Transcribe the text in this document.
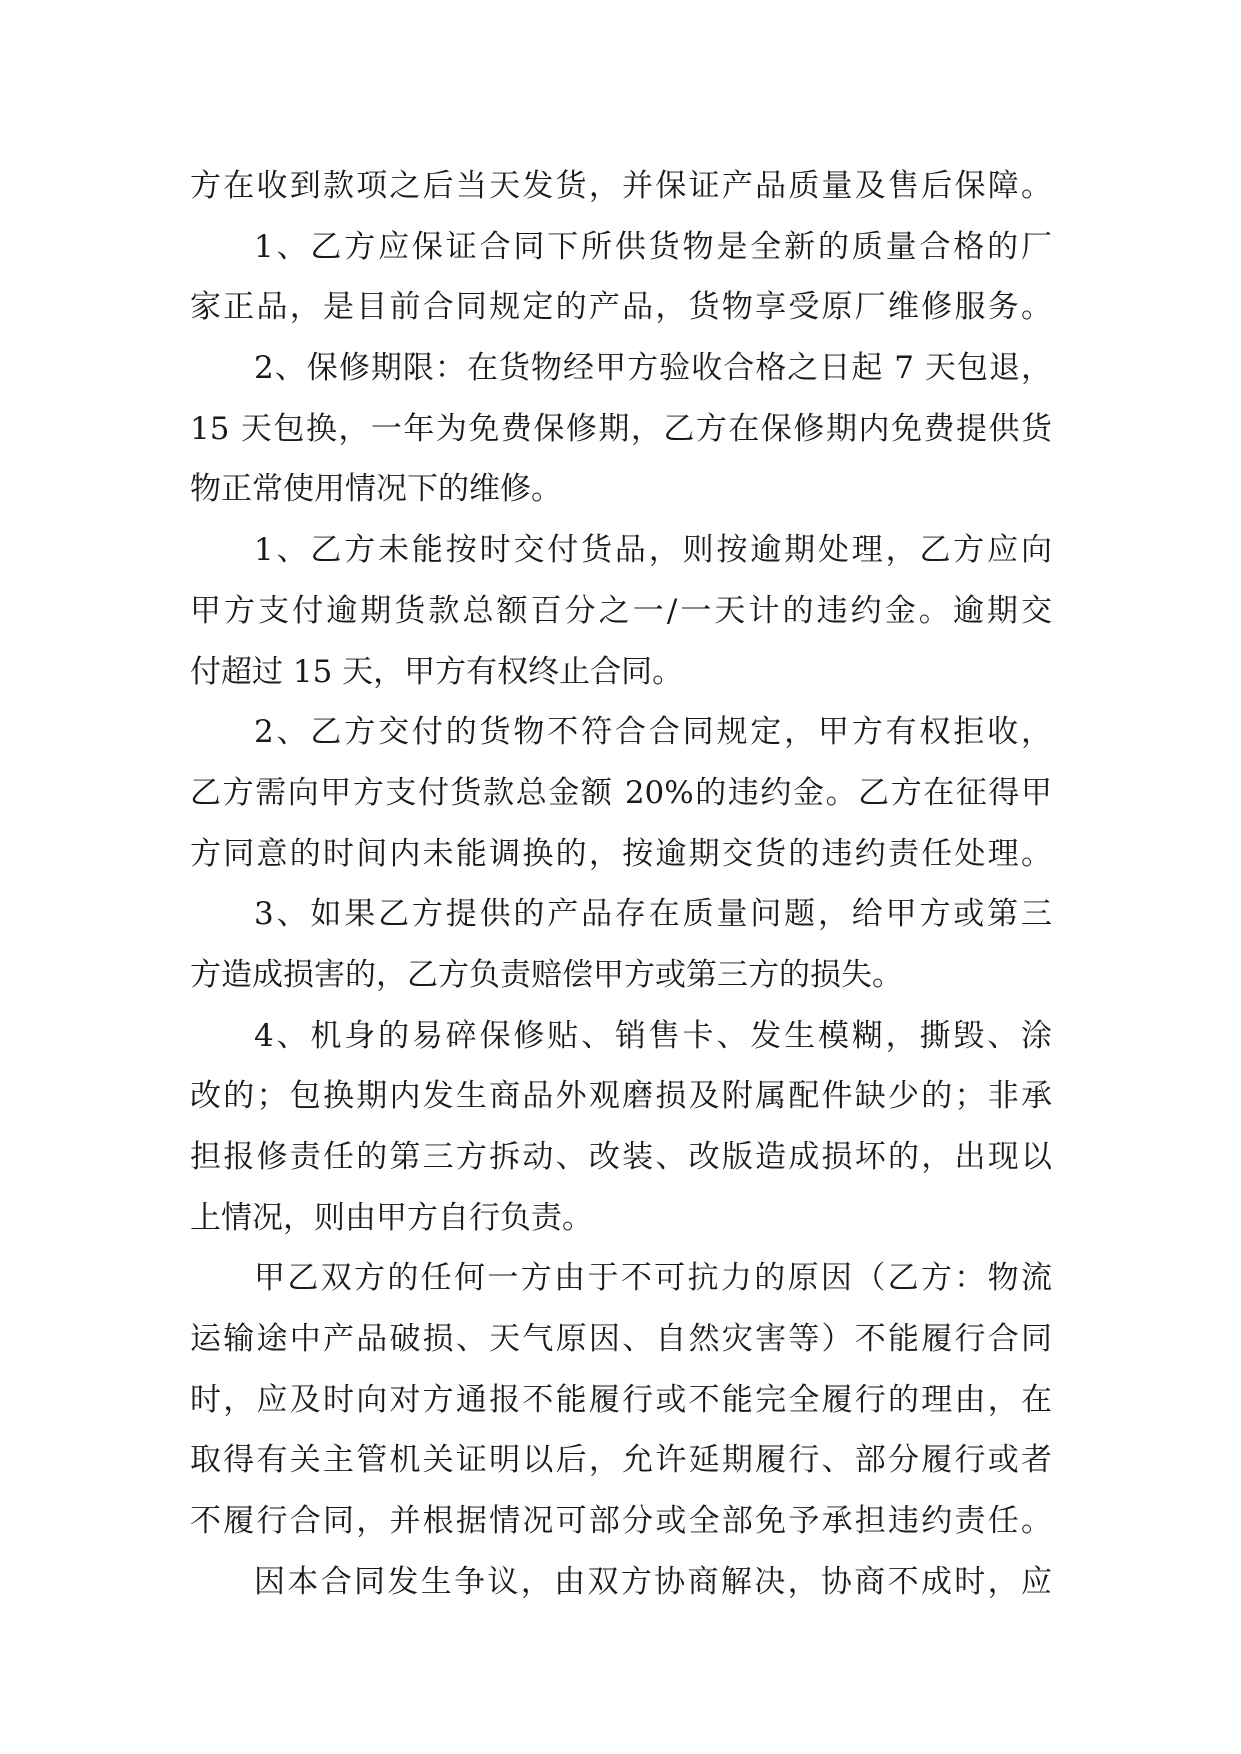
方在收到款项之后当天发货，并保证产品质量及售后保障。
1、乙方应保证合同下所供货物是全新的质量合格的厂
家正品，是目前合同规定的产品，货物享受原厂维修服务。
2、保修期限：在货物经甲方验收合格之日起 7 天包退，
15 天包换，一年为免费保修期，乙方在保修期内免费提供货
物正常使用情况下的维修。
1、乙方未能按时交付货品，则按逾期处理，乙方应向
甲方支付逾期货款总额百分之一/一天计的违约金。逾期交
付超过 15 天，甲方有权终止合同。
2、乙方交付的货物不符合合同规定，甲方有权拒收，
乙方需向甲方支付货款总金额 20%的违约金。乙方在征得甲
方同意的时间内未能调换的，按逾期交货的违约责任处理。
3、如果乙方提供的产品存在质量问题，给甲方或第三
方造成损害的，乙方负责赔偿甲方或第三方的损失。
4、机身的易碎保修贴、销售卡、发生模糊，撕毁、涂
改的；包换期内发生商品外观磨损及附属配件缺少的；非承
担报修责任的第三方拆动、改装、改版造成损坏的，出现以
上情况，则由甲方自行负责。
甲乙双方的任何一方由于不可抗力的原因（乙方：物流
运输途中产品破损、天气原因、自然灾害等）不能履行合同
时，应及时向对方通报不能履行或不能完全履行的理由，在
取得有关主管机关证明以后，允许延期履行、部分履行或者
不履行合同，并根据情况可部分或全部免予承担违约责任。
因本合同发生争议，由双方协商解决，协商不成时，应
